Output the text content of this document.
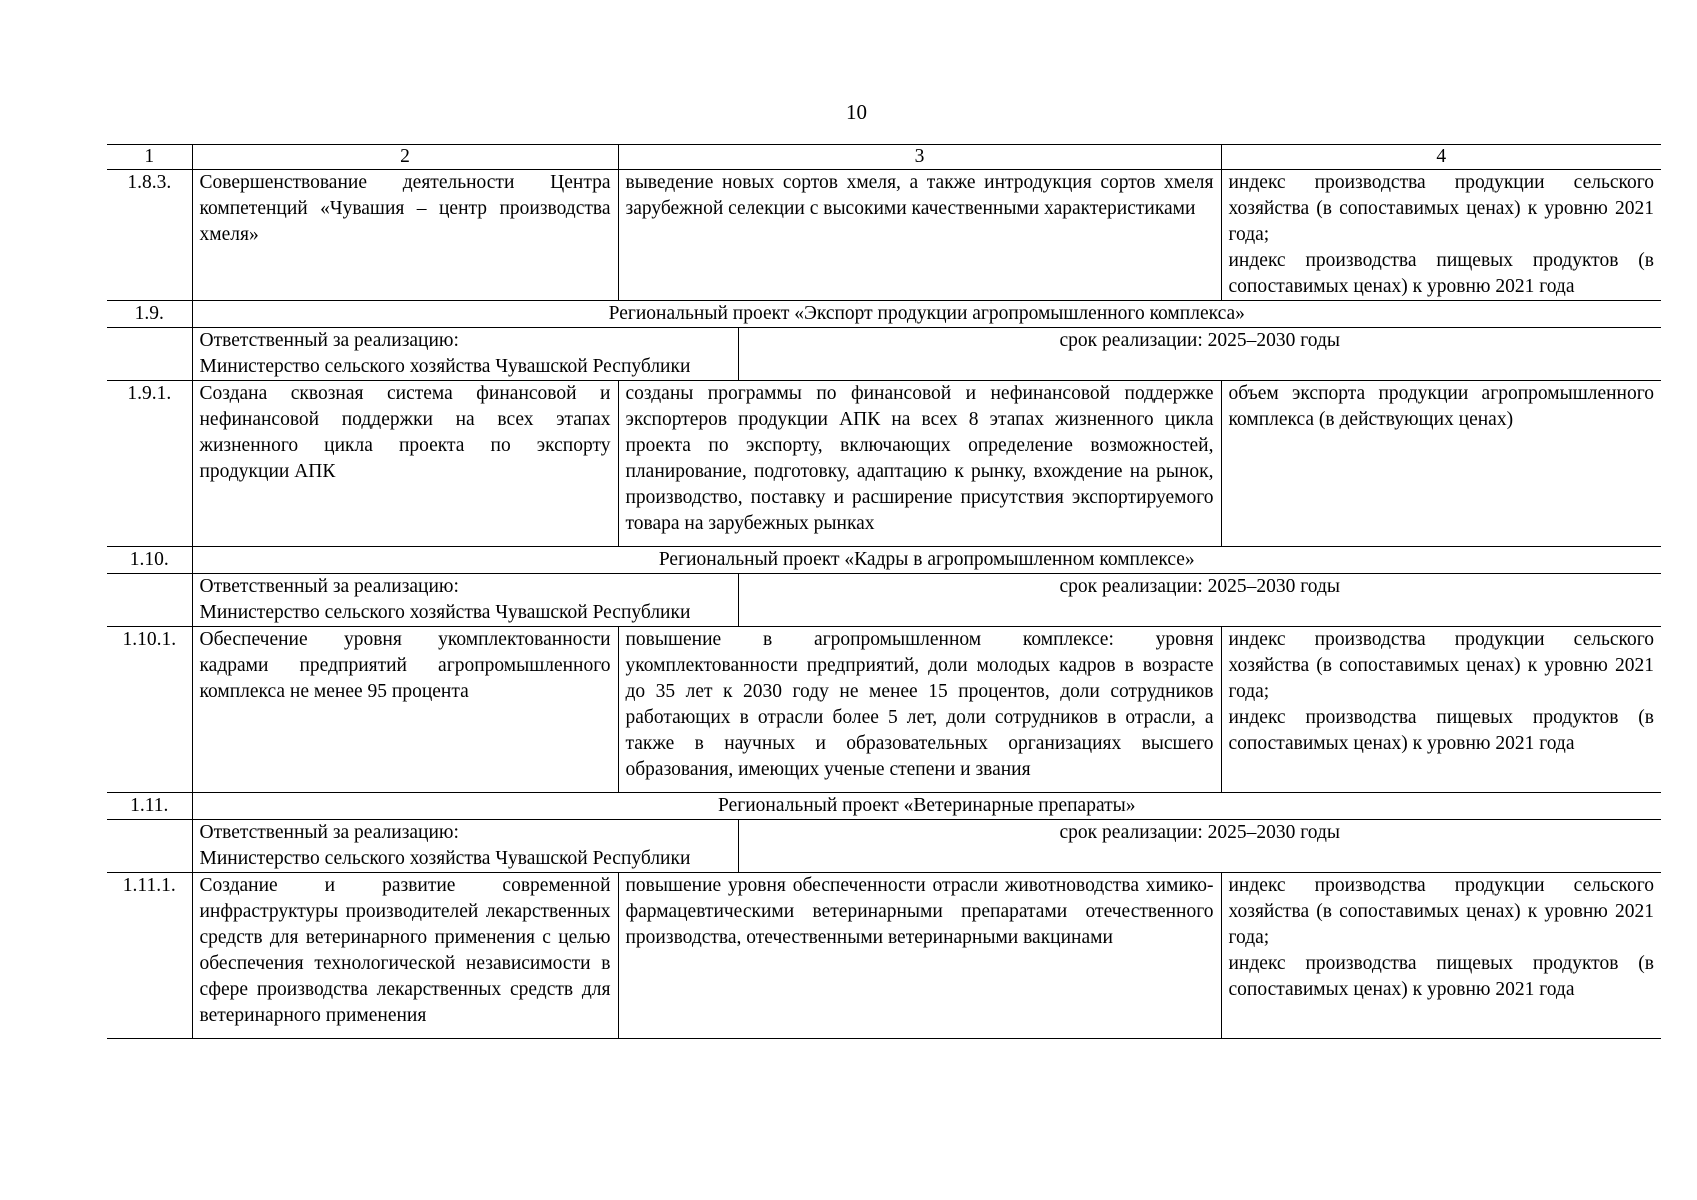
10
1	2	3		4
1.8.3.	Совершенствование деятельности Центра компетенций «Чувашия – центр производства хмеля»	выведение новых сортов хмеля, а также интродукция сортов хмеля зарубежной селекции с высокими качественными характеристиками		индекс производства продукции сельского хозяйства (в сопоставимых ценах) к уровню 2021 года;
индекс производства пищевых продуктов (в сопоставимых ценах) к уровню 2021 года
1.9.	Региональный проект «Экспорт продукции агропромышленного комплекса»			
	Ответственный за реализацию:
Министерство сельского хозяйства Чувашской Республики		срок реализации: 2025–2030 годы	
1.9.1.	Создана сквозная система финансовой и нефинансовой поддержки на всех этапах жизненного цикла проекта по экспорту продукции АПК	созданы программы по финансовой и нефинансовой поддержке экспортеров продукции АПК на всех 8 этапах жизненного цикла проекта по экспорту, включающих определение возможностей, планирование, подготовку, адаптацию к рынку, вхождение на рынок, производство, поставку и расширение присутствия экспортируемого товара на зарубежных рынках		объем экспорта продукции агропромышленного комплекса (в действующих ценах)
1.10.	Региональный проект «Кадры в агропромышленном комплексе»			
	Ответственный за реализацию:
Министерство сельского хозяйства Чувашской Республики		срок реализации: 2025–2030 годы	
1.10.1.	Обеспечение уровня укомплектованности кадрами предприятий агропромышленного комплекса не менее 95 процента	повышение в агропромышленном комплексе: уровня укомплектованности предприятий, доли молодых кадров в возрасте до 35 лет к 2030 году не менее 15 процентов, доли сотрудников работающих в отрасли более 5 лет, доли сотрудников в отрасли, а также в научных и образовательных организациях высшего образования, имеющих ученые степени и звания		индекс производства продукции сельского хозяйства (в сопоставимых ценах) к уровню 2021 года;
индекс производства пищевых продуктов (в сопоставимых ценах) к уровню 2021 года
1.11.	Региональный проект «Ветеринарные препараты»			
	Ответственный за реализацию:
Министерство сельского хозяйства Чувашской Республики		срок реализации: 2025–2030 годы	
1.11.1.	Создание и развитие современной инфраструктуры производителей лекарственных средств для ветеринарного применения с целью обеспечения технологической независимости в сфере производства лекарственных средств для ветеринарного применения	повышение уровня обеспеченности отрасли животноводства химико-фармацевтическими ветеринарными препаратами отечественного производства, отечественными ветеринарными вакцинами		индекс производства продукции сельского хозяйства (в сопоставимых ценах) к уровню 2021 года;
индекс производства пищевых продуктов (в сопоставимых ценах) к уровню 2021 года
